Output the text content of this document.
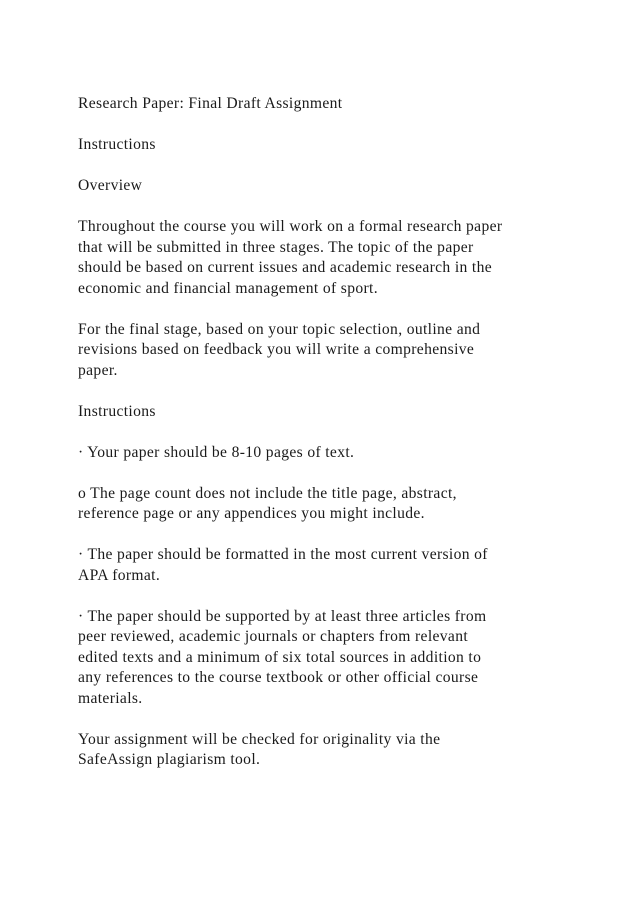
Research Paper: Final Draft Assignment

Instructions

Overview

Throughout the course you will work on a formal research paper
that will be submitted in three stages. The topic of the paper
should be based on current issues and academic research in the
economic and financial management of sport.

For the final stage, based on your topic selection, outline and
revisions based on feedback you will write a comprehensive
paper.

Instructions

· Your paper should be 8-10 pages of text.

o The page count does not include the title page, abstract,
reference page or any appendices you might include.

· The paper should be formatted in the most current version of
APA format.

· The paper should be supported by at least three articles from
peer reviewed, academic journals or chapters from relevant
edited texts and a minimum of six total sources in addition to
any references to the course textbook or other official course
materials.

Your assignment will be checked for originality via the
SafeAssign plagiarism tool.
